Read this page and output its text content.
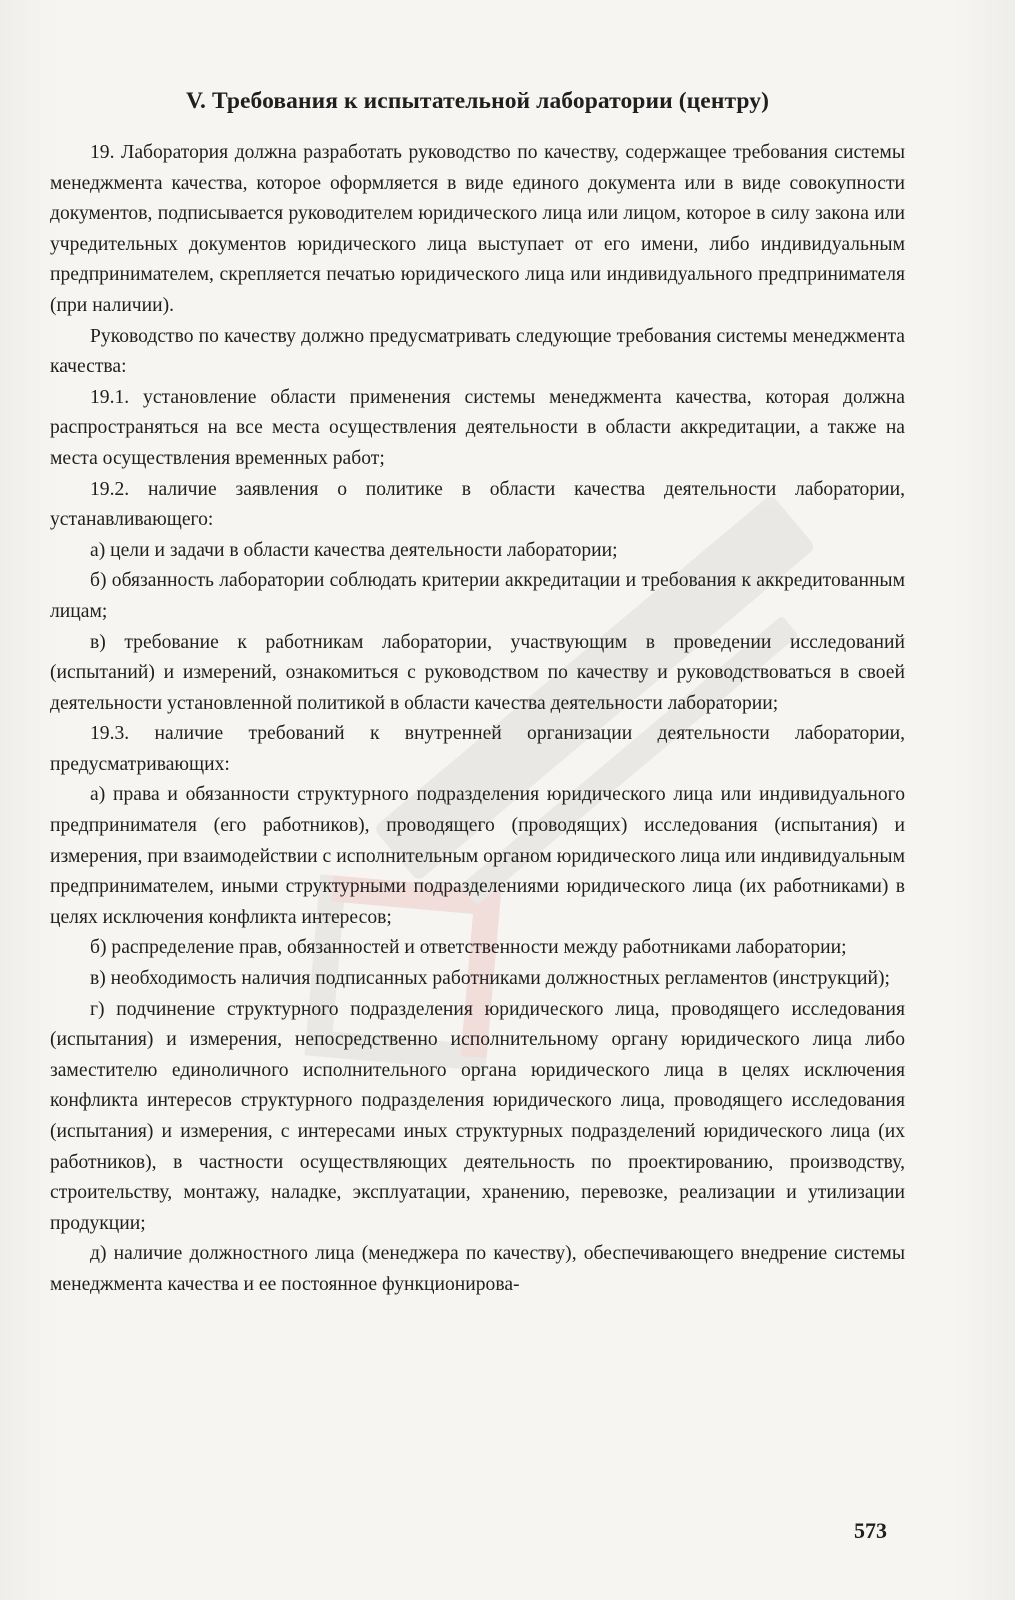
V. Требования к испытательной лаборатории (центру)

19. Лаборатория должна разработать руководство по качеству, содержащее требования системы менеджмента качества, которое оформляется в виде единого документа или в виде совокупности документов, подписывается руководителем юридического лица или лицом, которое в силу закона или учредительных документов юридического лица выступает от его имени, либо индивидуальным предпринимателем, скрепляется печатью юридического лица или индивидуального предпринимателя (при наличии).

Руководство по качеству должно предусматривать следующие требования системы менеджмента качества:

19.1. установление области применения системы менеджмента качества, которая должна распространяться на все места осуществления деятельности в области аккредитации, а также на места осуществления временных работ;

19.2. наличие заявления о политике в области качества деятельности лаборатории, устанавливающего:

а) цели и задачи в области качества деятельности лаборатории;

б) обязанность лаборатории соблюдать критерии аккредитации и требования к аккредитованным лицам;

в) требование к работникам лаборатории, участвующим в проведении исследований (испытаний) и измерений, ознакомиться с руководством по качеству и руководствоваться в своей деятельности установленной политикой в области качества деятельности лаборатории;

19.3. наличие требований к внутренней организации деятельности лаборатории, предусматривающих:

а) права и обязанности структурного подразделения юридического лица или индивидуального предпринимателя (его работников), проводящего (проводящих) исследования (испытания) и измерения, при взаимодействии с исполнительным органом юридического лица или индивидуальным предпринимателем, иными структурными подразделениями юридического лица (их работниками) в целях исключения конфликта интересов;

б) распределение прав, обязанностей и ответственности между работниками лаборатории;

в) необходимость наличия подписанных работниками должностных регламентов (инструкций);

г) подчинение структурного подразделения юридического лица, проводящего исследования (испытания) и измерения, непосредственно исполнительному органу юридического лица либо заместителю единоличного исполнительного органа юридического лица в целях исключения конфликта интересов структурного подразделения юридического лица, проводящего исследования (испытания) и измерения, с интересами иных структурных подразделений юридического лица (их работников), в частности осуществляющих деятельность по проектированию, производству, строительству, монтажу, наладке, эксплуатации, хранению, перевозке, реализации и утилизации продукции;

д) наличие должностного лица (менеджера по качеству), обеспечивающего внедрение системы менеджмента качества и ее постоянное функционирова-

573
